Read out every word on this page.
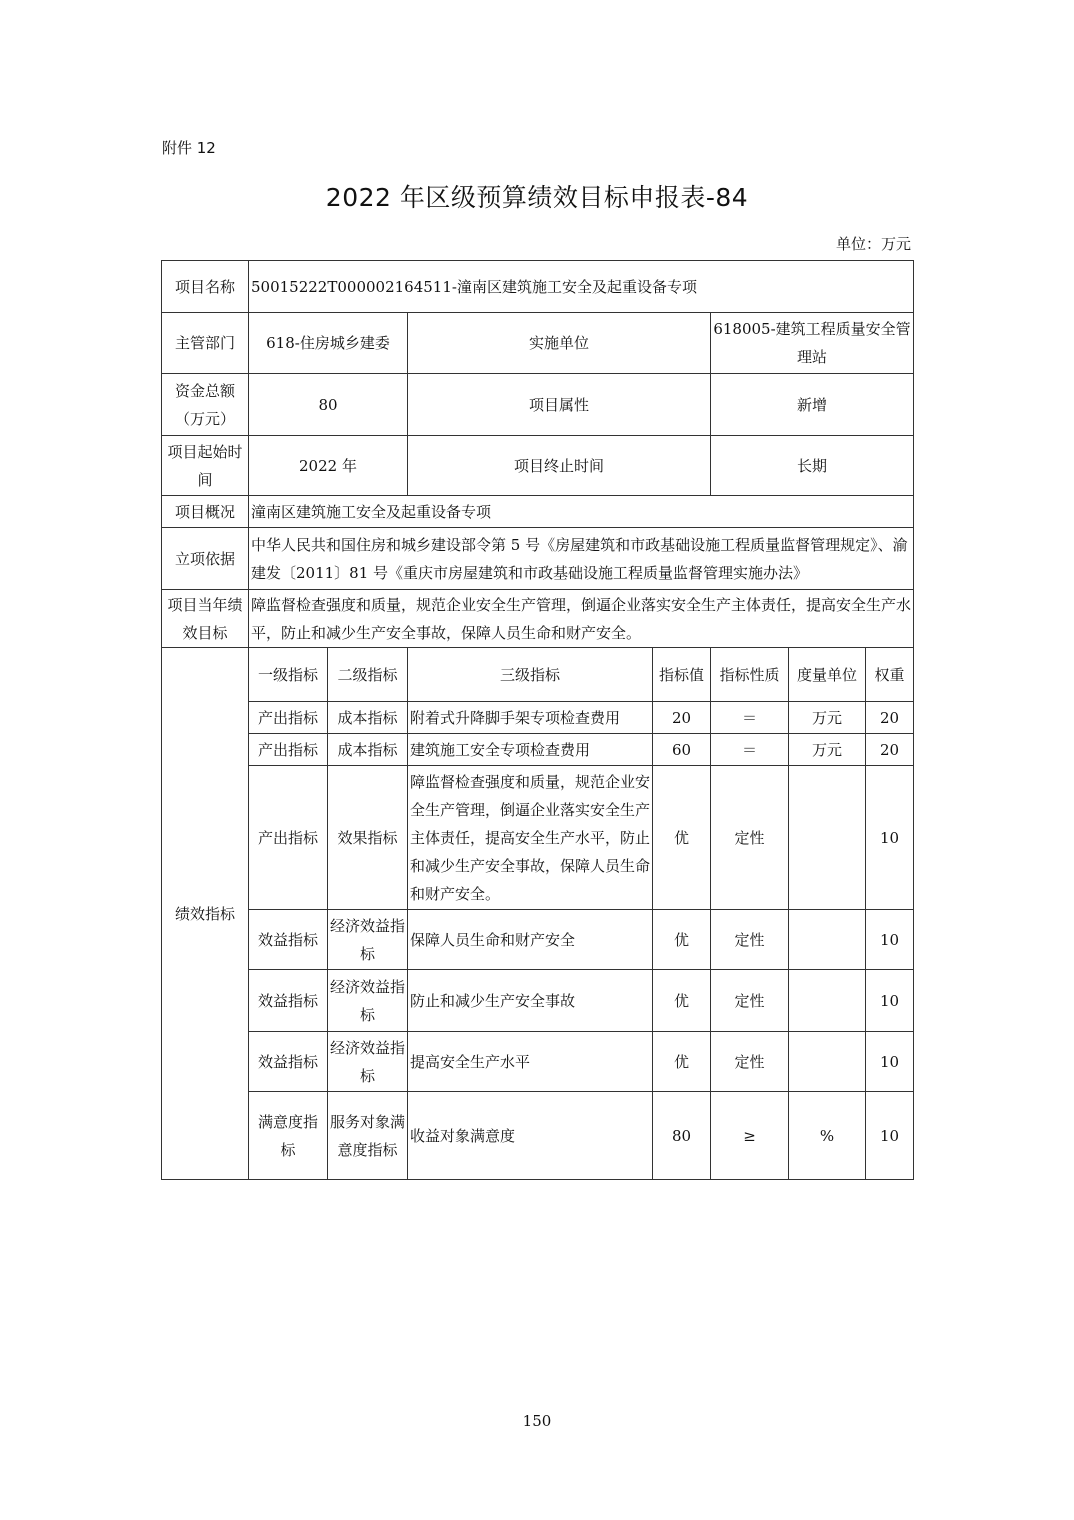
附件 12
2022 年区级预算绩效目标申报表-84
单位：万元
项目名称	50015222T000002164511-潼南区建筑施工安全及起重设备专项						
主管部门	618-住房城乡建委		实施单位		618005-建筑工程质量安全管理站		
资金总额（万元）	80		项目属性		新增		
项目起始时间	2022 年		项目终止时间		长期		
项目概况	潼南区建筑施工安全及起重设备专项						
立项依据	中华人民共和国住房和城乡建设部令第 5 号《房屋建筑和市政基础设施工程质量监督管理规定》、渝建发〔2011〕81 号《重庆市房屋建筑和市政基础设施工程质量监督管理实施办法》						
项目当年绩效目标	障监督检查强度和质量，规范企业安全生产管理，倒逼企业落实安全生产主体责任，提高安全生产水平，防止和减少生产安全事故，保障人员生命和财产安全。						
绩效指标	一级指标	二级指标	三级指标	指标值	指标性质	度量单位	权重
	产出指标	成本指标	附着式升降脚手架专项检查费用	20	＝	万元	20
	产出指标	成本指标	建筑施工安全专项检查费用	60	＝	万元	20
	产出指标	效果指标	障监督检查强度和质量，规范企业安全生产管理，倒逼企业落实安全生产主体责任，提高安全生产水平，防止和减少生产安全事故，保障人员生命和财产安全。	优	定性		10
	效益指标	经济效益指标	保障人员生命和财产安全	优	定性		10
	效益指标	经济效益指标	防止和减少生产安全事故	优	定性		10
	效益指标	经济效益指标	提高安全生产水平	优	定性		10
	满意度指标	服务对象满意度指标	收益对象满意度	80	≥	%	10
150
